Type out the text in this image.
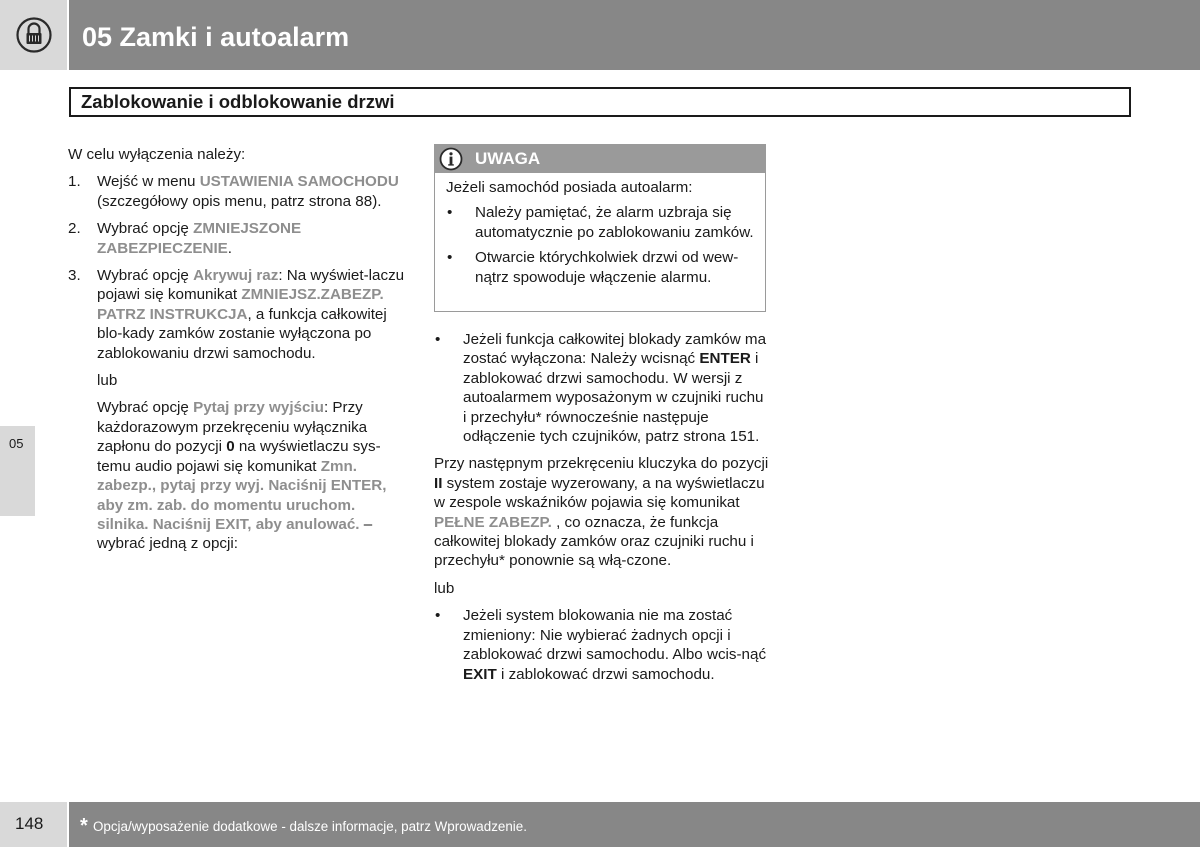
05 Zamki i autoalarm
Zablokowanie i odblokowanie drzwi
05
W celu wyłączenia należy:
1. Wejść w menu USTAWIENIA SAMOCHODU (szczegółowy opis menu, patrz strona 88).
2. Wybrać opcję ZMNIEJSZONE ZABEZPIECZENIE.
3. Wybrać opcję Akrywuj raz: Na wyświet-laczu pojawi się komunikat ZMNIEJSZ.ZABEZP. PATRZ INSTRUKCJA, a funkcja całkowitej blo-kady zamków zostanie wyłączona po zablokowaniu drzwi samochodu.
lub
Wybrać opcję Pytaj przy wyjściu: Przy każdorazowym przekręceniu wyłącznika zapłonu do pozycji 0 na wyświetlaczu sys-temu audio pojawi się komunikat Zmn. zabezp., pytaj przy wyj. Naciśnij ENTER, aby zm. zab. do momentu uruchom. silnika. Naciśnij EXIT, aby anulować. – wybrać jedną z opcji:
UWAGA
Jeżeli samochód posiada autoalarm:
• Należy pamiętać, że alarm uzbraja się automatycznie po zablokowaniu zamków.
• Otwarcie którychkolwiek drzwi od wew-nątrz spowoduje włączenie alarmu.
• Jeżeli funkcja całkowitej blokady zamków ma zostać wyłączona: Należy wcisnąć ENTER i zablokować drzwi samochodu. W wersji z autoalarmem wyposażonym w czujniki ruchu i przechyłu* równocześnie następuje odłączenie tych czujników, patrz strona 151.
Przy następnym przekręceniu kluczyka do pozycji II system zostaje wyzerowany, a na wyświetlaczu w zespole wskaźników pojawia się komunikat PEŁNE ZABEZP. , co oznacza, że funkcja całkowitej blokady zamków oraz czujniki ruchu i przechyłu* ponownie są włą-czone.
lub
• Jeżeli system blokowania nie ma zostać zmieniony: Nie wybierać żadnych opcji i zablokować drzwi samochodu. Albo wcis-nąć EXIT i zablokować drzwi samochodu.
148 * Opcja/wyposażenie dodatkowe - dalsze informacje, patrz Wprowadzenie.
